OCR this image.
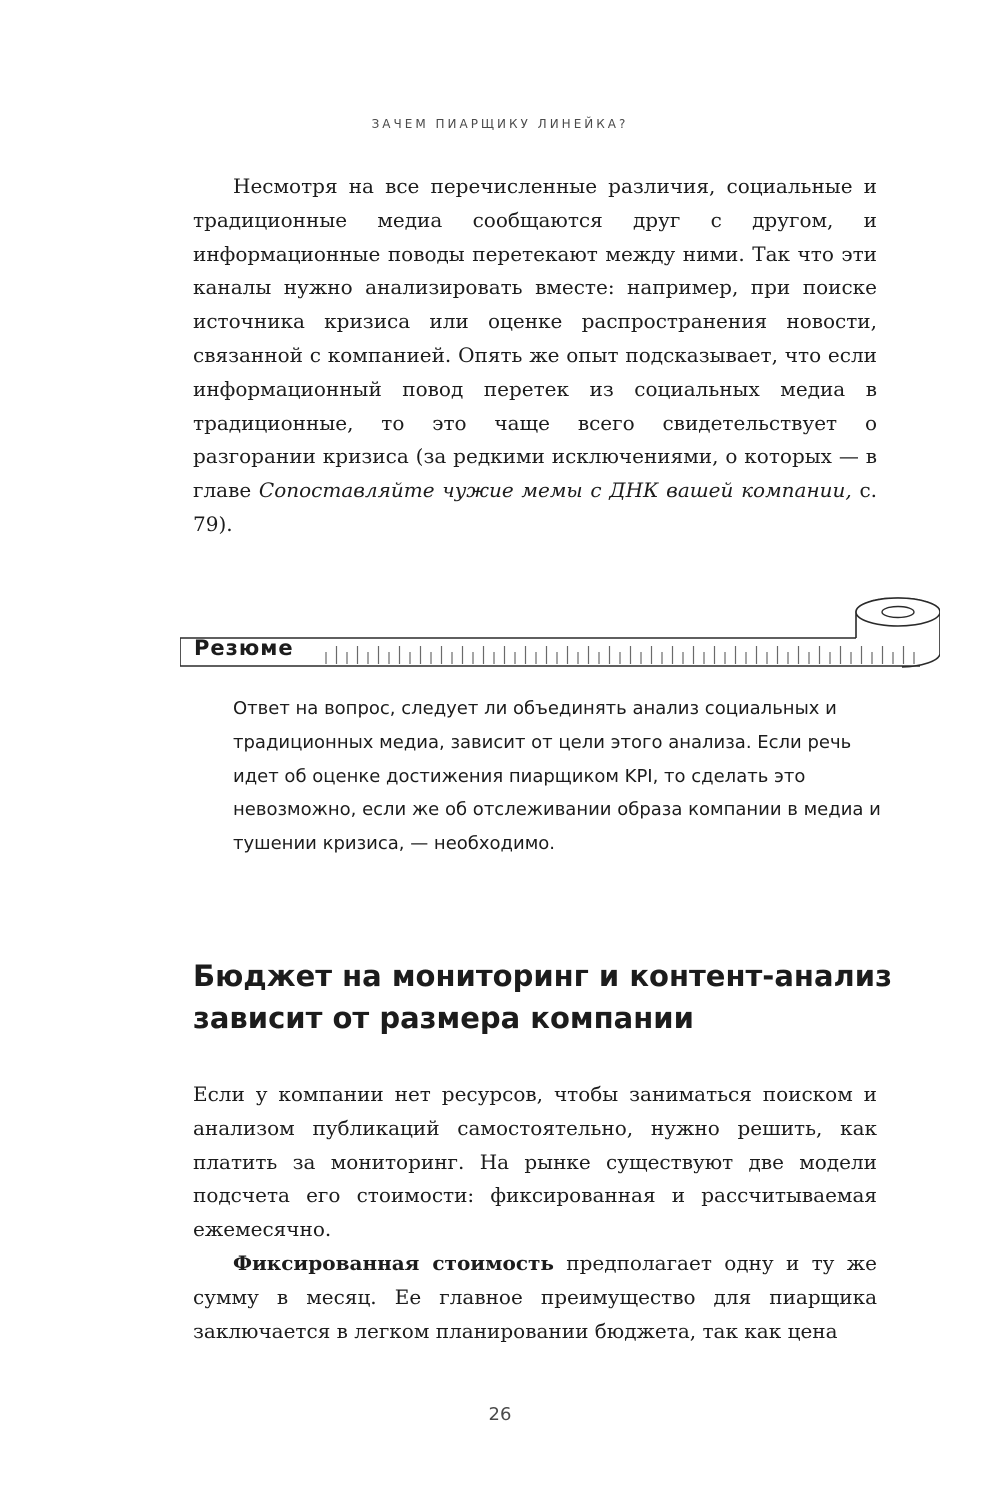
ЗАЧЕМ ПИАРЩИКУ ЛИНЕЙКА?

Несмотря на все перечисленные различия, социальные и традиционные медиа сообщаются друг с другом, и информационные поводы перетекают между ними. Так что эти каналы нужно анализировать вместе: например, при поиске источника кризиса или оценке распространения новости, связанной с компанией. Опять же опыт подсказывает, что если информационный повод перетек из социальных медиа в традиционные, то это чаще всего свидетельствует о разгорании кризиса (за редкими исключениями, о которых — в главе Сопоставляйте чужие мемы с ДНК вашей компании, с. 79).

Резюме
Ответ на вопрос, следует ли объединять анализ социальных и традиционных медиа, зависит от цели этого анализа. Если речь идет об оценке достижения пиарщиком KPI, то сделать это невозможно, если же об отслеживании образа компании в медиа и тушении кризиса, — необходимо.
Бюджет на мониторинг и контент-анализ зависит от размера компании

Если у компании нет ресурсов, чтобы заниматься поиском и анализом публикаций самостоятельно, нужно решить, как платить за мониторинг. На рынке существуют две модели подсчета его стоимости: фиксированная и рассчитываемая ежемесячно.

Фиксированная стоимость предполагает одну и ту же сумму в месяц. Ее главное преимущество для пиарщика заключается в легком планировании бюджета, так как цена

26
